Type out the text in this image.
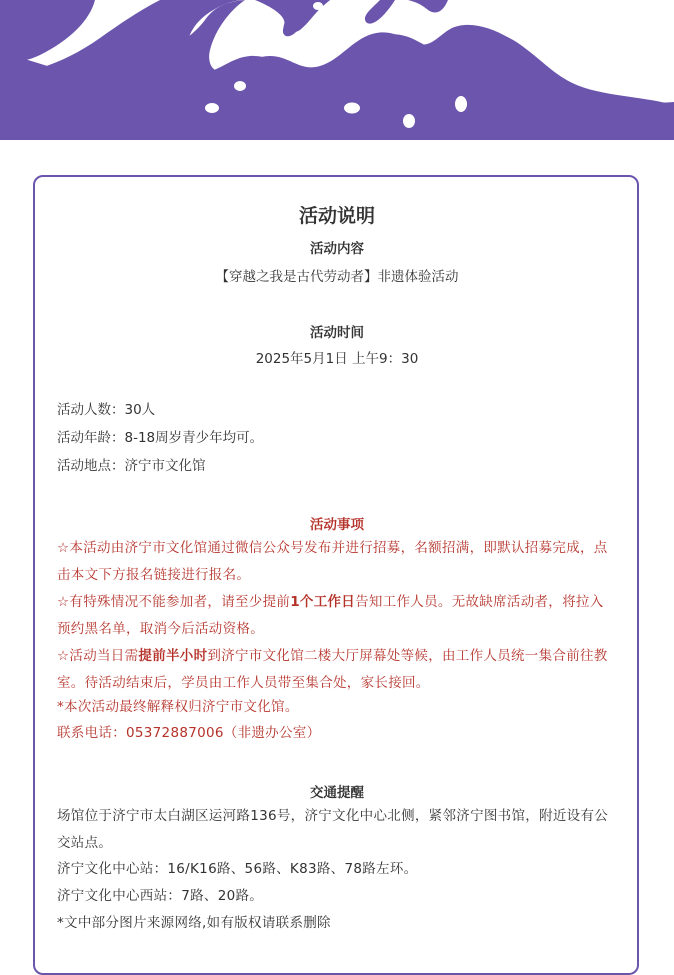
活动说明
活动内容
【穿越之我是古代劳动者】非遗体验活动
活动时间
2025年5月1日 上午9：30
活动人数：30人
活动年龄：8-18周岁青少年均可。
活动地点：济宁市文化馆
活动事项
☆本活动由济宁市文化馆通过微信公众号发布并进行招募，名额招满，即默认招募完成，点击本文下方报名链接进行报名。
☆有特殊情况不能参加者，请至少提前1个工作日告知工作人员。无故缺席活动者，将拉入预约黑名单，取消今后活动资格。
☆活动当日需提前半小时到济宁市文化馆二楼大厅屏幕处等候，由工作人员统一集合前往教室。待活动结束后，学员由工作人员带至集合处，家长接回。
*本次活动最终解释权归济宁市文化馆。
联系电话：05372887006（非遗办公室）
交通提醒
场馆位于济宁市太白湖区运河路136号，济宁文化中心北侧，紧邻济宁图书馆，附近设有公交站点。
济宁文化中心站：16/K16路、56路、K83路、78路左环。
济宁文化中心西站：7路、20路。
*文中部分图片来源网络,如有版权请联系删除
